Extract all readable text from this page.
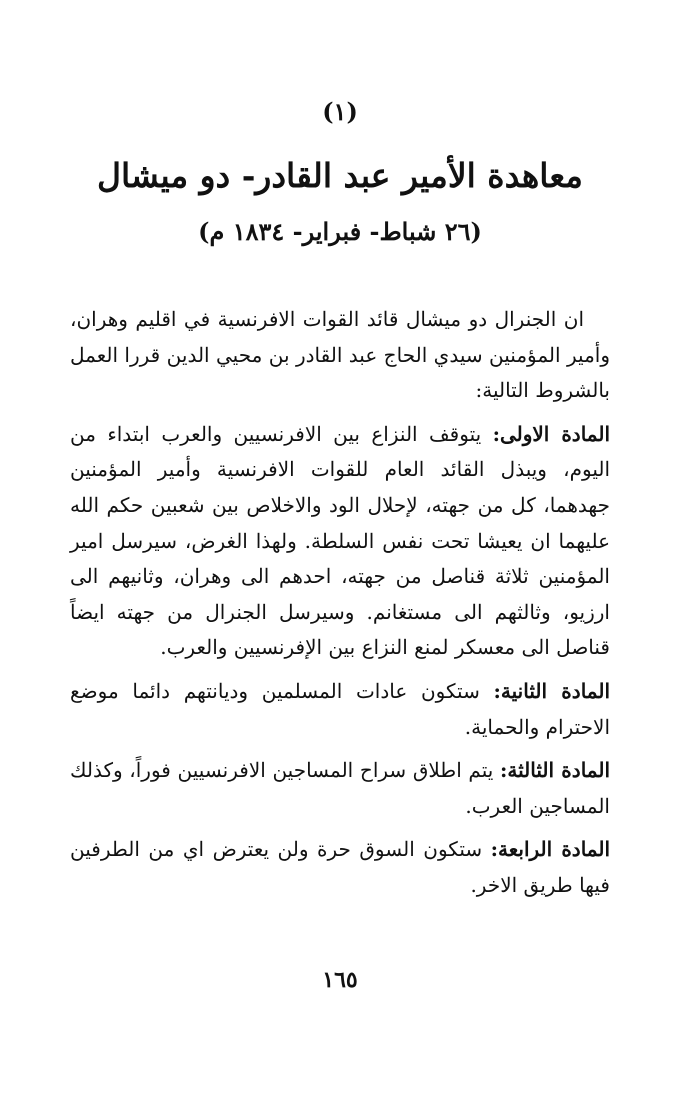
(١)

معاهدة الأمير عبد القادر- دو ميشال

(٢٦ شباط- فبراير- ١٨٣٤ م)

ان الجنرال دو ميشال قائد القوات الافرنسية في اقليم وهران، وأمير المؤمنين سيدي الحاج عبد القادر بن محيي الدين قررا العمل بالشروط التالية:

المادة الاولى: يتوقف النزاع بين الافرنسيين والعرب ابتداء من اليوم، ويبذل القائد العام للقوات الافرنسية وأمير المؤمنين جهدهما، كل من جهته، لإحلال الود والاخلاص بين شعبين حكم الله عليهما ان يعيشا تحت نفس السلطة. ولهذا الغرض، سيرسل امير المؤمنين ثلاثة قناصل من جهته، احدهم الى وهران، وثانيهم الى ارزيو، وثالثهم الى مستغانم. وسيرسل الجنرال من جهته ايضاً قناصل الى معسكر لمنع النزاع بين الإفرنسيين والعرب.

المادة الثانية: ستكون عادات المسلمين وديانتهم دائما موضع الاحترام والحماية.

المادة الثالثة: يتم اطلاق سراح المساجين الافرنسيين فوراً، وكذلك المساجين العرب.

المادة الرابعة: ستكون السوق حرة ولن يعترض اي من الطرفين فيها طريق الاخر.

١٦٥
